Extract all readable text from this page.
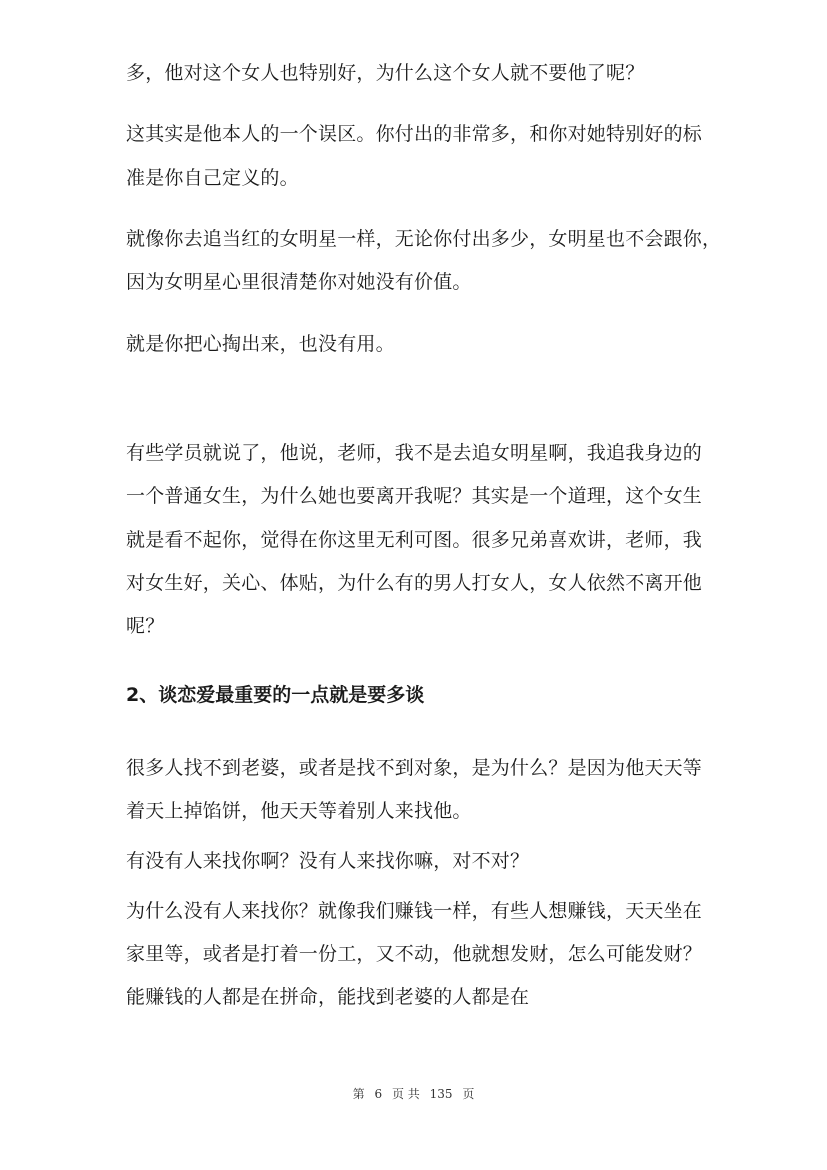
多，他对这个女人也特别好，为什么这个女人就不要他了呢？
这其实是他本人的一个误区。你付出的非常多，和你对她特别好的标
准是你自己定义的。
就像你去追当红的女明星一样，无论你付出多少，女明星也不会跟你，
因为女明星心里很清楚你对她没有价值。
就是你把心掏出来，也没有用。
有些学员就说了，他说，老师，我不是去追女明星啊，我追我身边的
一个普通女生，为什么她也要离开我呢？其实是一个道理，这个女生
就是看不起你，觉得在你这里无利可图。很多兄弟喜欢讲，老师，我
对女生好，关心、体贴，为什么有的男人打女人，女人依然不离开他
呢？
2、谈恋爱最重要的一点就是要多谈
很多人找不到老婆，或者是找不到对象，是为什么？是因为他天天等
着天上掉馅饼，他天天等着别人来找他。
有没有人来找你啊？没有人来找你嘛，对不对？
为什么没有人来找你？就像我们赚钱一样，有些人想赚钱，天天坐在
家里等，或者是打着一份工，又不动，他就想发财，怎么可能发财？
能赚钱的人都是在拼命，能找到老婆的人都是在
第 6 页 共 135 页
